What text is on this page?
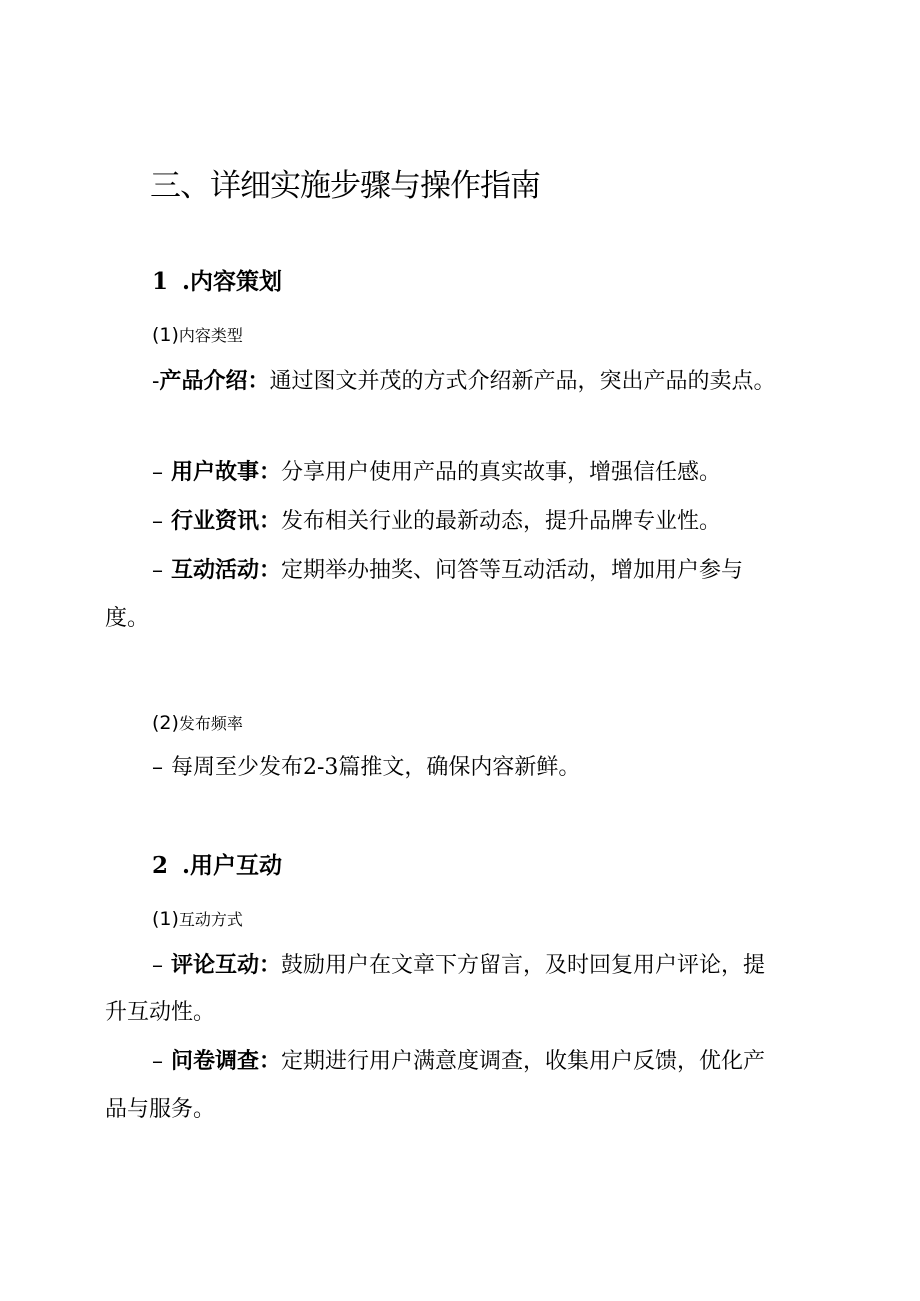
三、详细实施步骤与操作指南
1 .内容策划
(1)内容类型
-产品介绍：通过图文并茂的方式介绍新产品，突出产品的卖点。
– 用户故事：分享用户使用产品的真实故事，增强信任感。
– 行业资讯：发布相关行业的最新动态，提升品牌专业性。
– 互动活动：定期举办抽奖、问答等互动活动，增加用户参与
度。
(2)发布频率
– 每周至少发布2-3篇推文，确保内容新鲜。
2 .用户互动
(1)互动方式
– 评论互动：鼓励用户在文章下方留言，及时回复用户评论，提
升互动性。
– 问卷调查：定期进行用户满意度调查，收集用户反馈，优化产
品与服务。
